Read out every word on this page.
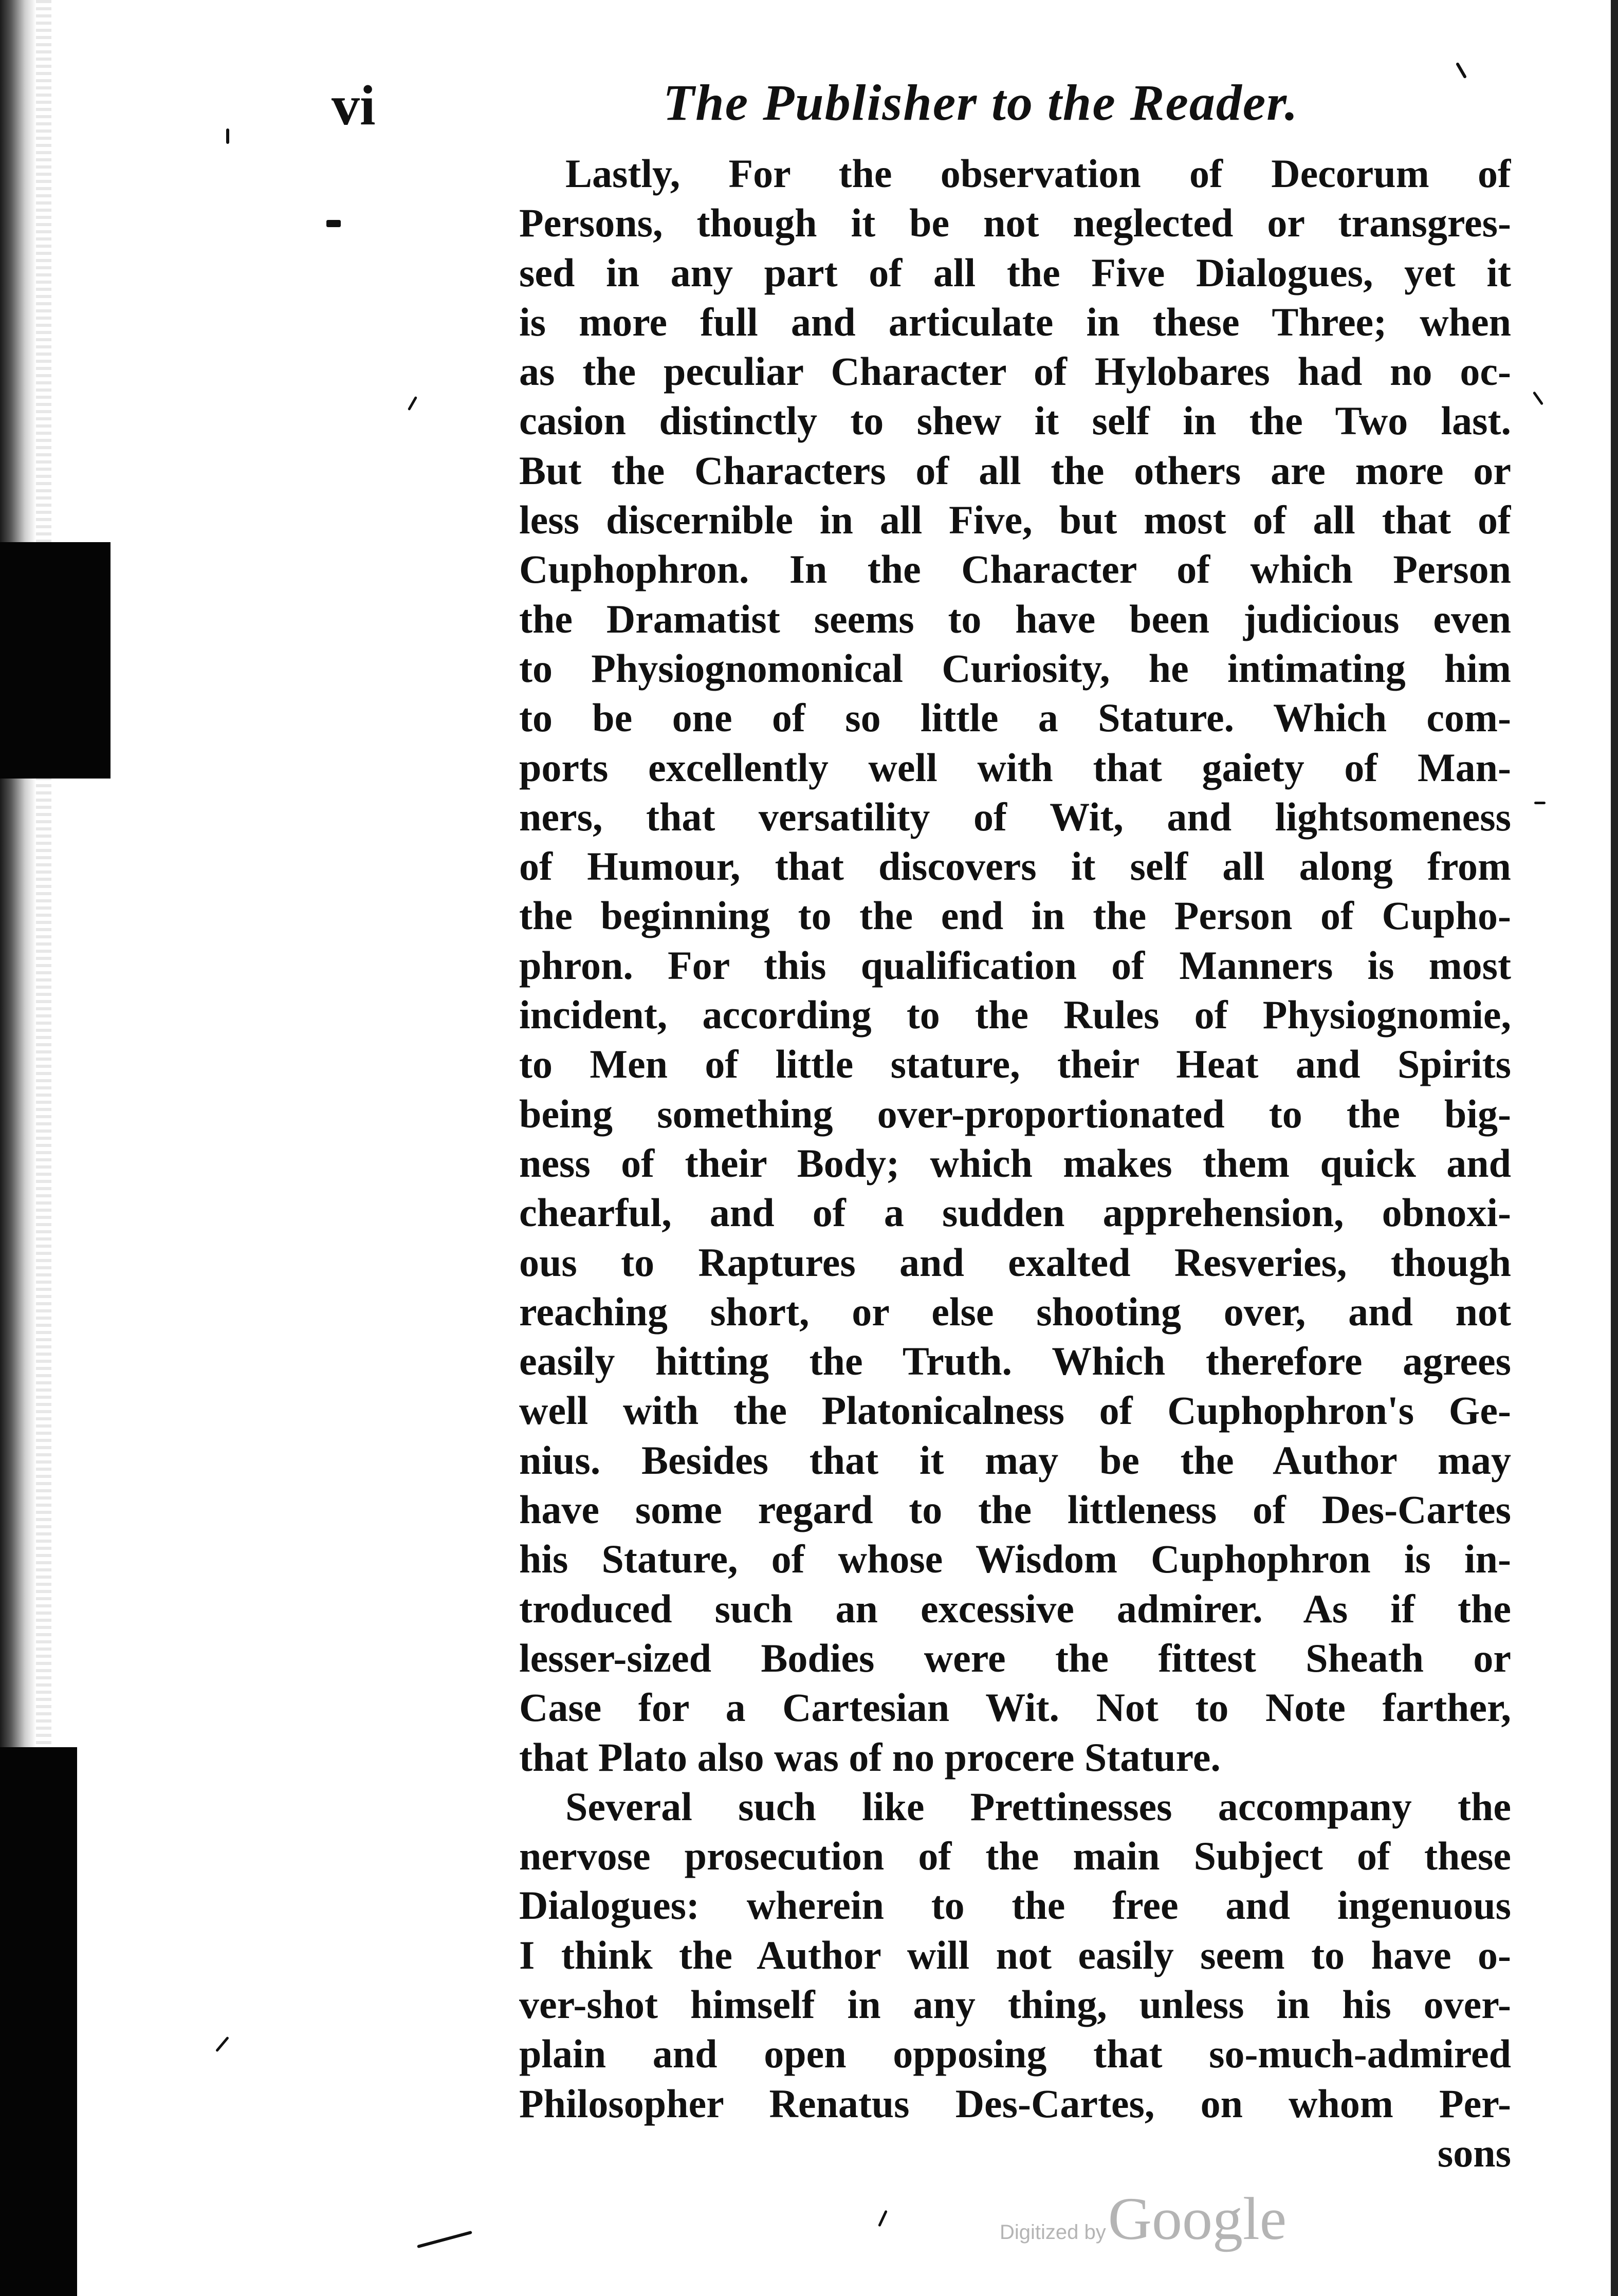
vi	The Publisher to the Reader.

Lastly, For the observation of Decorum of
Persons, though it be not neglected or transgres-
sed in any part of all the Five Dialogues, yet it
is more full and articulate in these Three; when
as the peculiar Character of Hylobares had no oc-
casion distinctly to shew it self in the Two last.
But the Characters of all the others are more or
less discernible in all Five, but most of all that of
Cuphophron. In the Character of which Person
the Dramatist seems to have been judicious even
to Physiognomonical Curiosity, he intimating him
to be one of so little a Stature. Which com-
ports excellently well with that gaiety of Man-
ners, that versatility of Wit, and lightsomeness
of Humour, that discovers it self all along from
the beginning to the end in the Person of Cupho-
phron. For this qualification of Manners is most
incident, according to the Rules of Physiognomie,
to Men of little stature, their Heat and Spirits
being something over-proportionated to the big-
ness of their Body; which makes them quick and
chearful, and of a sudden apprehension, obnoxi-
ous to Raptures and exalted Resveries, though
reaching short, or else shooting over, and not
easily hitting the Truth. Which therefore agrees
well with the Platonicalness of Cuphophron's Ge-
nius. Besides that it may be the Author may
have some regard to the littleness of Des-Cartes
his Stature, of whose Wisdom Cuphophron is in-
troduced such an excessive admirer. As if the
lesser-sized Bodies were the fittest Sheath or
Case for a Cartesian Wit. Not to Note farther,
that Plato also was of no procere Stature.
Several such like Prettinesses accompany the
nervose prosecution of the main Subject of these
Dialogues: wherein to the free and ingenuous
I think the Author will not easily seem to have o-
ver-shot himself in any thing, unless in his over-
plain and open opposing that so-much-admired
Philosopher Renatus Des-Cartes, on whom Per-
sons

Digitized by Google
